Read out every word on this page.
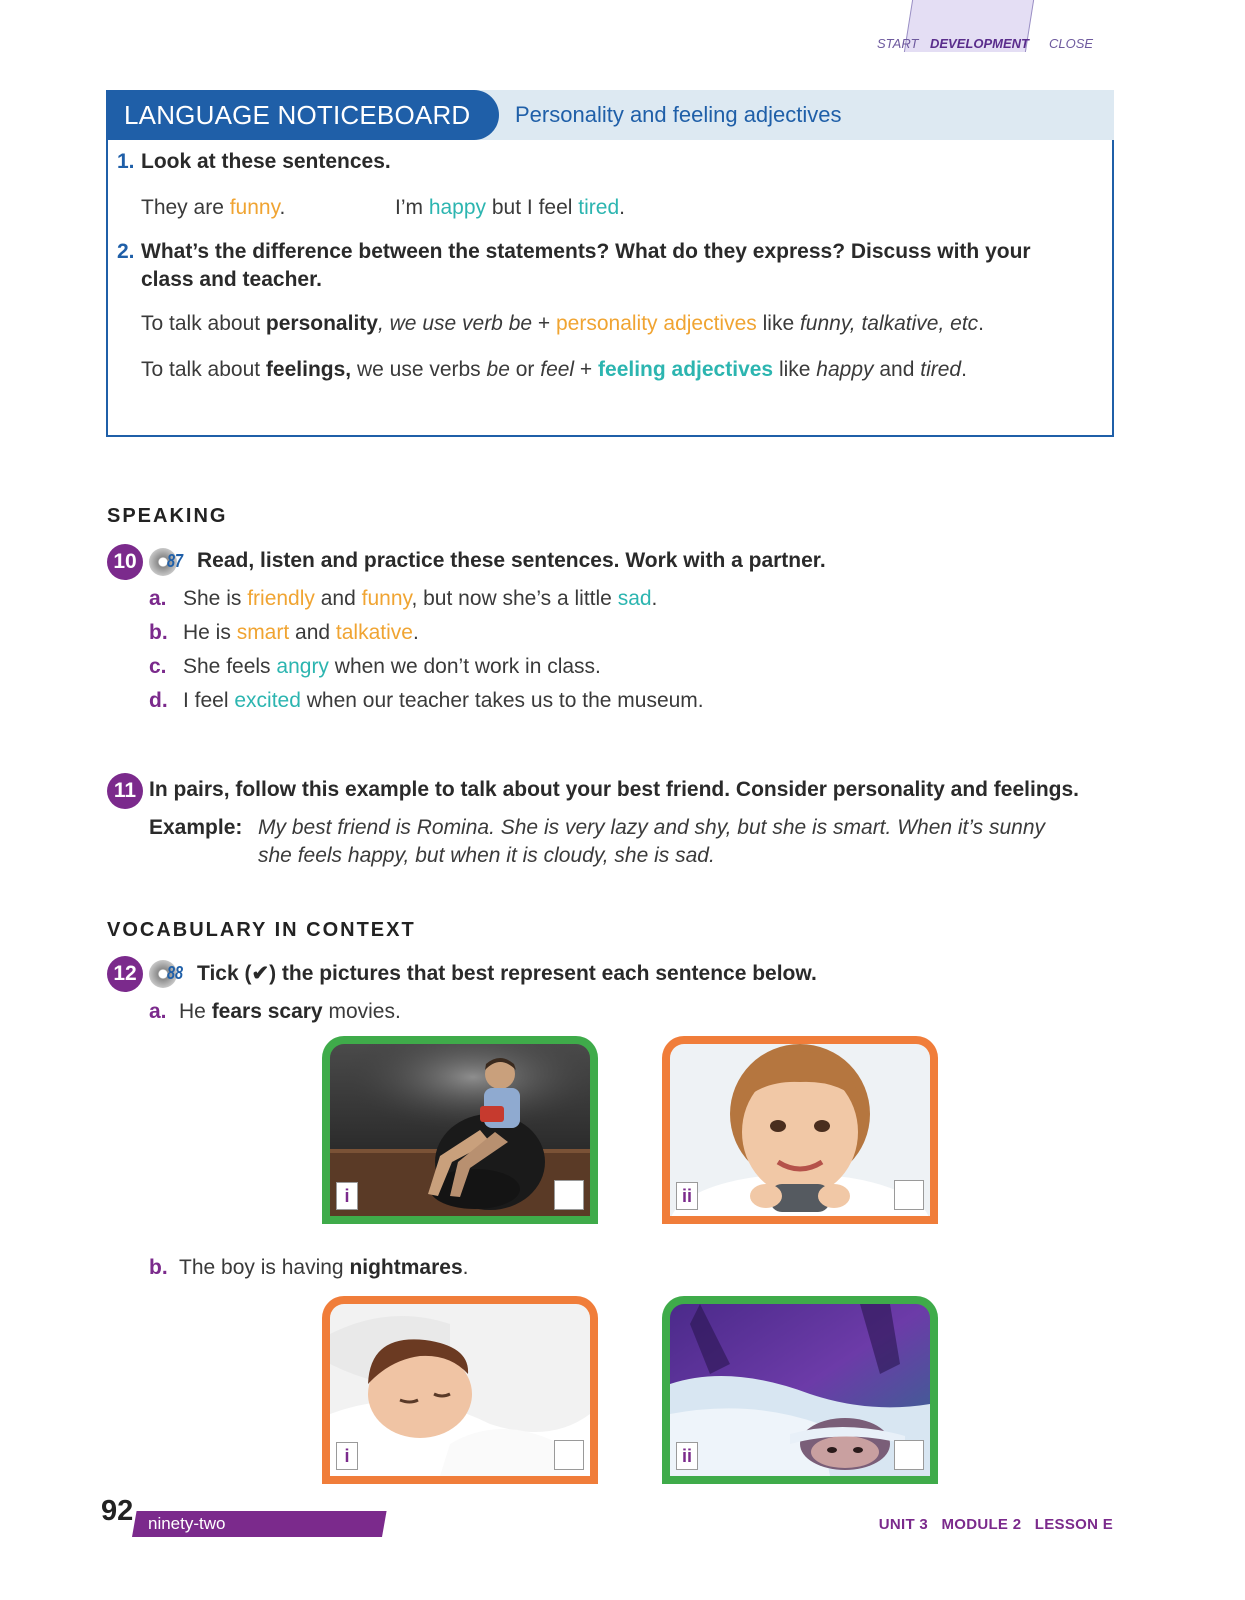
START DEVELOPMENT CLOSE
LANGUAGE NOTICEBOARD	Personality and feeling adjectives
1. Look at these sentences.
They are funny.	I’m happy but I feel tired.
2. What’s the difference between the statements? What do they express? Discuss with your
class and teacher.
To talk about personality, we use verb be + personality adjectives like funny, talkative, etc.
To talk about feelings, we use verbs be or feel + feeling adjectives like happy and tired.
SPEAKING
10	87 Read, listen and practice these sentences. Work with a partner.
a. She is friendly and funny, but now she’s a little sad.
b. He is smart and talkative.
c. She feels angry when we don’t work in class.
d. I feel excited when our teacher takes us to the museum.
11 In pairs, follow this example to talk about your best friend. Consider personality and feelings.
Example: My best friend is Romina. She is very lazy and shy, but she is smart. When it’s sunny
she feels happy, but when it is cloudy, she is sad.
VOCABULARY IN CONTEXT
12	88 Tick (✔) the pictures that best represent each sentence below.
a. He fears scary movies.
i	ii
b. The boy is having nightmares.
i	ii
92 ninety-two	UNIT 3   MODULE 2   LESSON E
